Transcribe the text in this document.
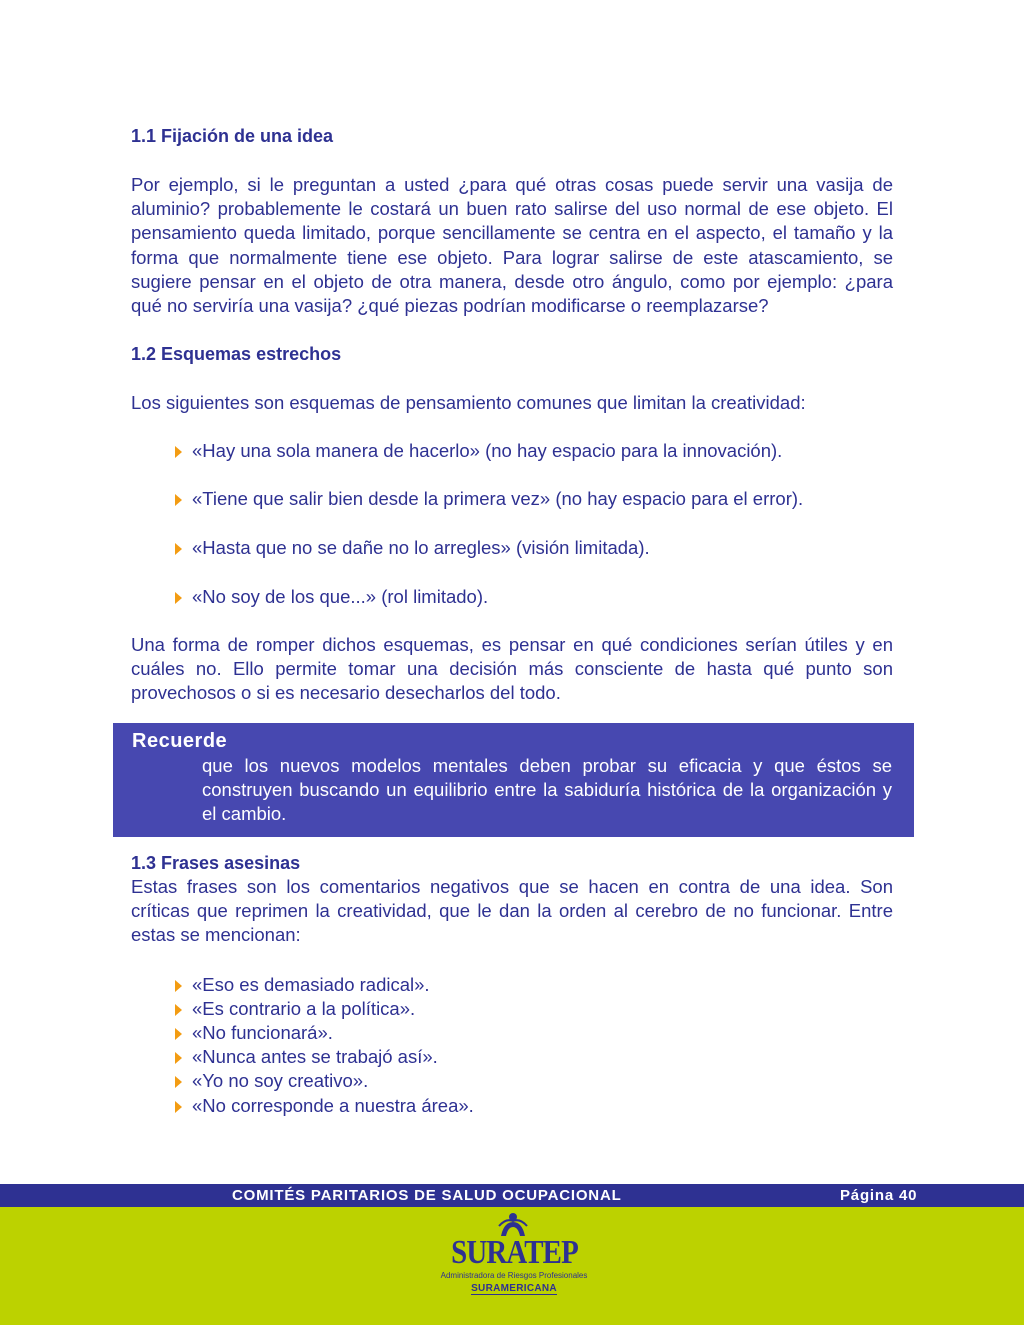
1.1 Fijación de una idea

Por ejemplo, si le preguntan a usted ¿para qué otras cosas puede servir una vasija de aluminio? probablemente le costará un buen rato salirse del uso normal de ese objeto. El pensamiento queda limitado, porque sencillamente se centra en el aspecto, el tamaño y la forma que normalmente tiene ese objeto. Para lograr salirse de este atascamiento, se sugiere pensar en el objeto de otra manera, desde otro ángulo, como por ejemplo: ¿para qué no serviría una vasija? ¿qué piezas podrían modificarse o reemplazarse?

1.2 Esquemas estrechos

Los siguientes son esquemas de pensamiento comunes que limitan la creatividad:

«Hay una sola manera de hacerlo» (no hay espacio para la innovación).
«Tiene que salir bien desde la primera vez» (no hay espacio para el error).
«Hasta que no se dañe no lo arregles» (visión limitada).
«No soy de los que...» (rol limitado).

Una forma de romper dichos esquemas, es pensar en qué condiciones serían útiles y en cuáles no. Ello permite tomar una decisión más consciente de hasta qué punto son provechosos o si es necesario desecharlos del todo.

1.3 Frases asesinas

Estas frases son los comentarios negativos que se hacen en contra de una idea. Son críticas que reprimen la creatividad, que le dan la orden al cerebro de no funcionar. Entre estas se mencionan:

«Eso es demasiado radical».
«Es contrario a la política».
«No funcionará».
«Nunca antes se trabajó así».
«Yo no soy creativo».
«No corresponde a nuestra área».
Recuerde
que los nuevos modelos mentales deben probar su eficacia y que éstos se construyen buscando un equilibrio entre la sabiduría histórica de la organización y el cambio.
COMITÉS PARITARIOS DE SALUD OCUPACIONAL	Página 40
SURATEP
Administradora de Riesgos Profesionales
SURAMERICANA
